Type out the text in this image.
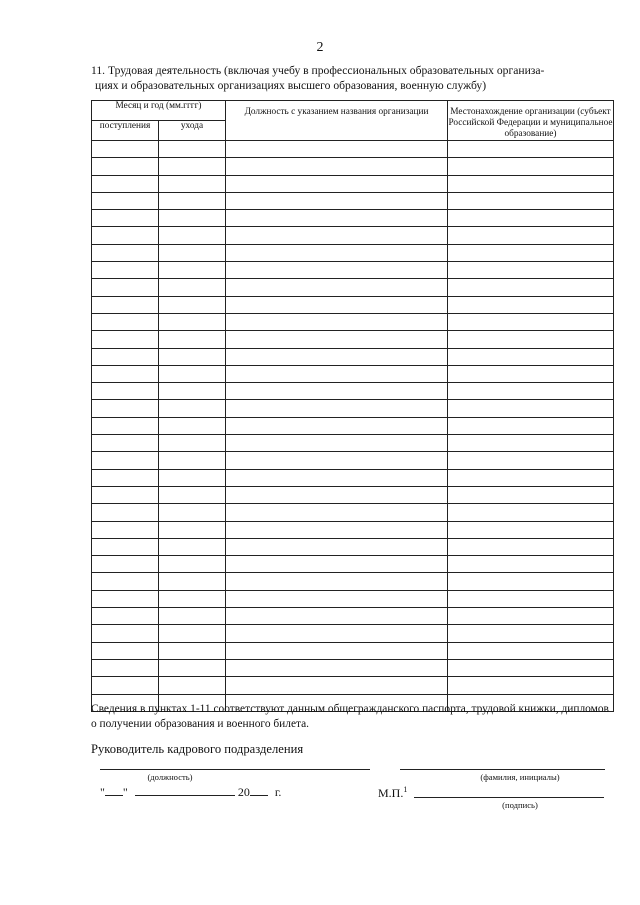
2
11. Трудовая деятельность (включая учебу в профессиональных образовательных организа-
циях и образовательных организациях высшего образования, военную службу)
Месяц и год (мм.гггг)		Должность с указанием названия организации	Местонахождение организации (субъект Российской Федерации и муниципальное образование)
поступления	ухода		

Сведения в пунктах 1-11 соответствуют данным общегражданского паспорта, трудовой книжки, дипломов о получении образования и военного билета.
Руководитель кадрового подразделения
(должность)	(фамилия, инициалы)
" "	20 г.	М.П.$^1$
(подпись)
